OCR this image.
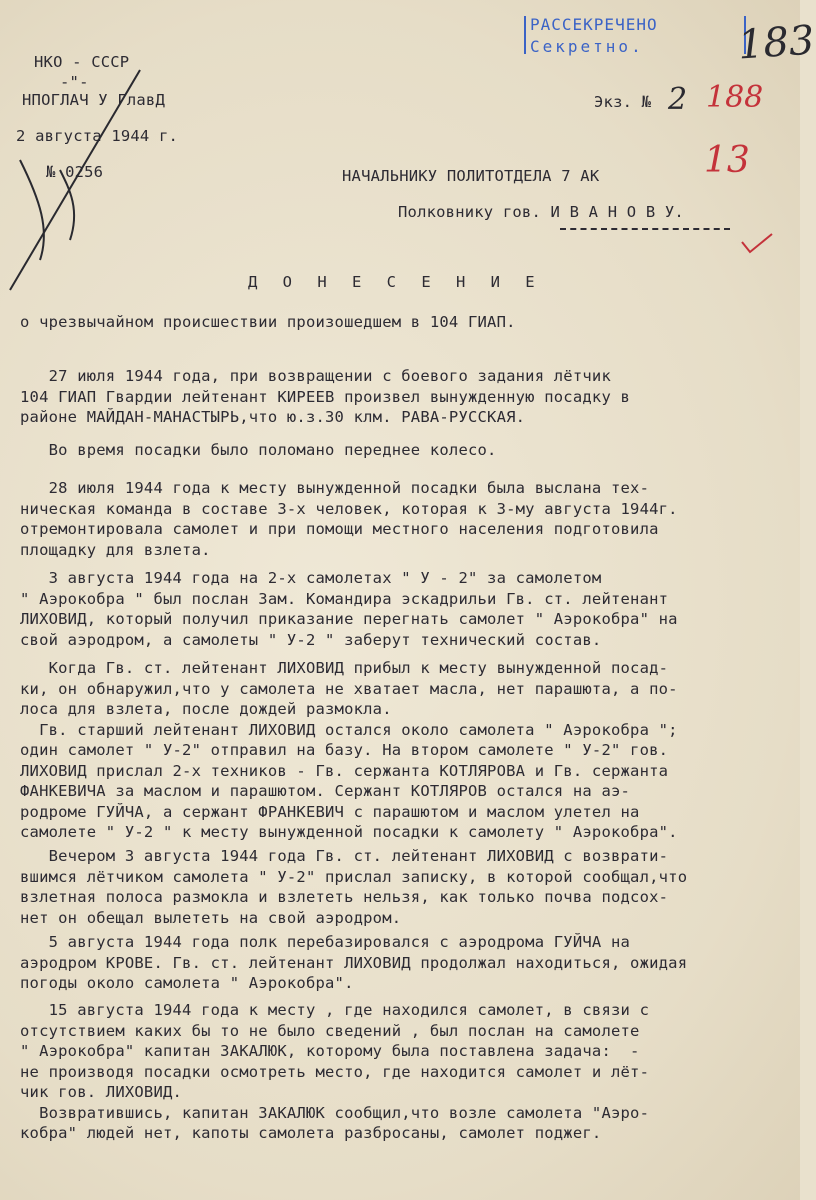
РАССЕКРЕЧЕНО
Секретно.	183
НКО - СССР
-"-
НПОГЛАЧ У ГлавД
2 августа 1944 г.
№ 0256
Экз. № 2 188
13
НАЧАЛЬНИКУ ПОЛИТОТДЕЛА 7 АК
Полковнику гов. И В А Н О В У.
Д О Н Е С Е Н И Е
о чрезвычайном происшествии произошедшем в 104 ГИАП.
27 июля 1944 года, при возвращении с боевого задания лётчик
104 ГИАП Гвардии лейтенант КИРЕЕВ произвел вынужденную посадку в
районе МАЙДАН-МАНАСТЫРЬ,что ю.з.30 клм. РАВА-РУССКАЯ.
Во время посадки было поломано переднее колесо.
28 июля 1944 года к месту вынужденной посадки была выслана тех-
ническая команда в составе 3-х человек, которая к 3-му августа 1944г.
отремонтировала самолет и при помощи местного населения подготовила
площадку для взлета.
3 августа 1944 года на 2-х самолетах " У - 2" за самолетом
" Аэрокобра " был послан Зам. Командира эскадрильи Гв. ст. лейтенант
ЛИХОВИД, который получил приказание перегнать самолет " Аэрокобра" на
свой аэродром, а самолеты " У-2 " заберут технический состав.
Когда Гв. ст. лейтенант ЛИХОВИД прибыл к месту вынужденной посад-
ки, он обнаружил,что у самолета не хватает масла, нет парашюта, а по-
лоса для взлета, после дождей размокла.
Гв. старший лейтенант ЛИХОВИД остался около самолета " Аэрокобра ";
один самолет " У-2" отправил на базу. На втором самолете " У-2" гов.
ЛИХОВИД прислал 2-х техников - Гв. сержанта КОТЛЯРОВА и Гв. сержанта
ФАНКЕВИЧА за маслом и парашютом. Сержант КОТЛЯРОВ остался на аэ-
родроме ГУЙЧА, а сержант ФРАНКЕВИЧ с парашютом и маслом улетел на
самолете " У-2 " к месту вынужденной посадки к самолету " Аэрокобра".
Вечером 3 августа 1944 года Гв. ст. лейтенант ЛИХОВИД с возврати-
вшимся лётчиком самолета " У-2" прислал записку, в которой сообщал,что
взлетная полоса размокла и взлететь нельзя, как только почва подсох-
нет он обещал вылететь на свой аэродром.
5 августа 1944 года полк перебазировался с аэродрома ГУЙЧА на
аэродром КРОВЕ. Гв. ст. лейтенант ЛИХОВИД продолжал находиться, ожидая
погоды около самолета " Аэрокобра".
15 августа 1944 года к месту , где находился самолет, в связи с
отсутствием каких бы то не было сведений , был послан на самолете
" Аэрокобра" капитан ЗАКАЛЮК, которому была поставлена задача:  -
не производя посадки осмотреть место, где находится самолет и лёт-
чик гов. ЛИХОВИД.
Возвратившись, капитан ЗАКАЛЮК сообщил,что возле самолета "Аэро-
кобра" людей нет, капоты самолета разбросаны, самолет поджег.
